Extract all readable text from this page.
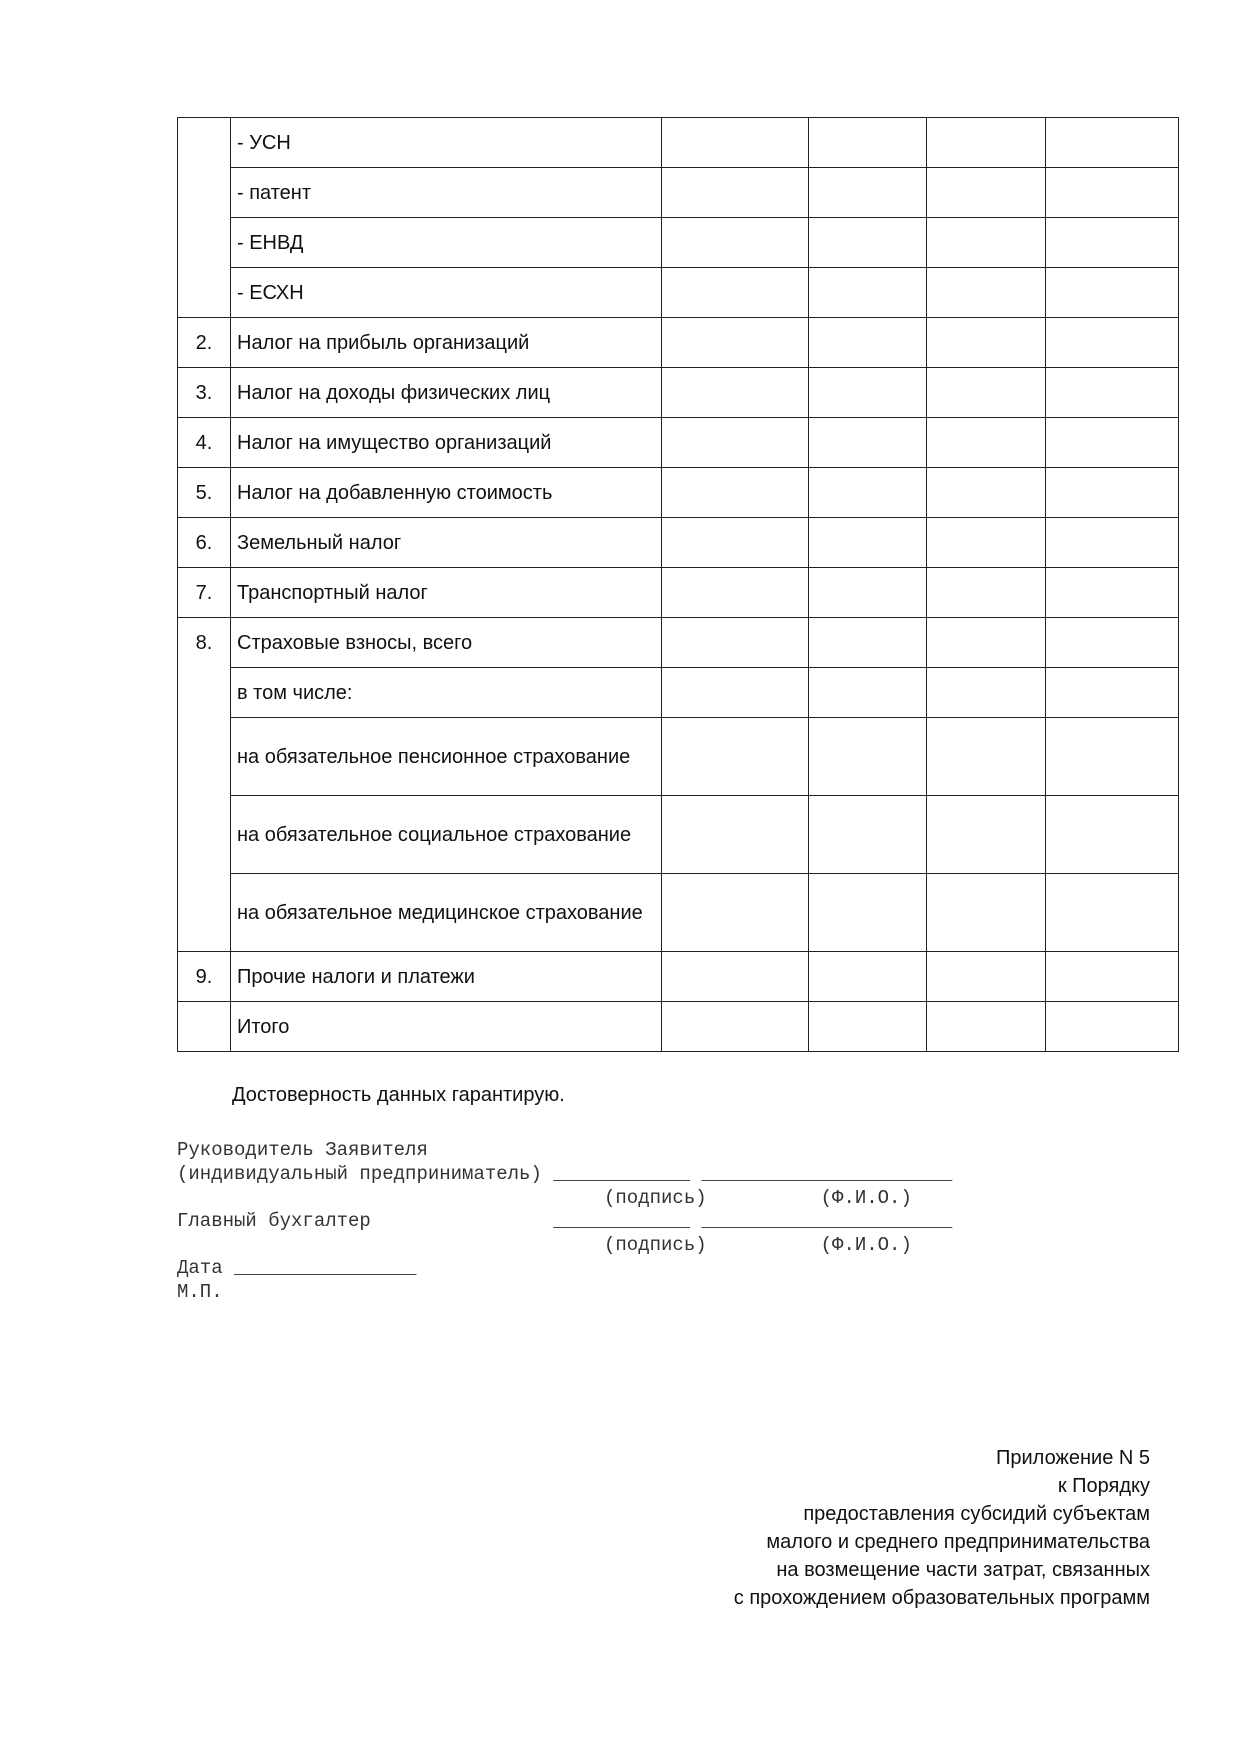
	- УСН				
	- патент				
	- ЕНВД				
	- ЕСХН				
2.	Налог на прибыль организаций				
3.	Налог на доходы физических лиц				
4.	Налог на имущество организаций				
5.	Налог на добавленную стоимость				
6.	Земельный налог				
7.	Транспортный налог				
8.	Страховые взносы, всего				
	в том числе:				
	на обязательное пенсионное страхование				
	на обязательное социальное страхование				
	на обязательное медицинское страхование				
9.	Прочие налоги и платежи				
	Итого				
Достоверность данных гарантирую.
Руководитель Заявителя
(индивидуальный предприниматель) ____________ ______________________
(подпись)          (Ф.И.О.)
Главный бухгалтер                ____________ ______________________
(подпись)          (Ф.И.О.)
Дата ________________
М.П.
Приложение N 5
к Порядку
предоставления субсидий субъектам
малого и среднего предпринимательства
на возмещение части затрат, связанных
с прохождением образовательных программ
